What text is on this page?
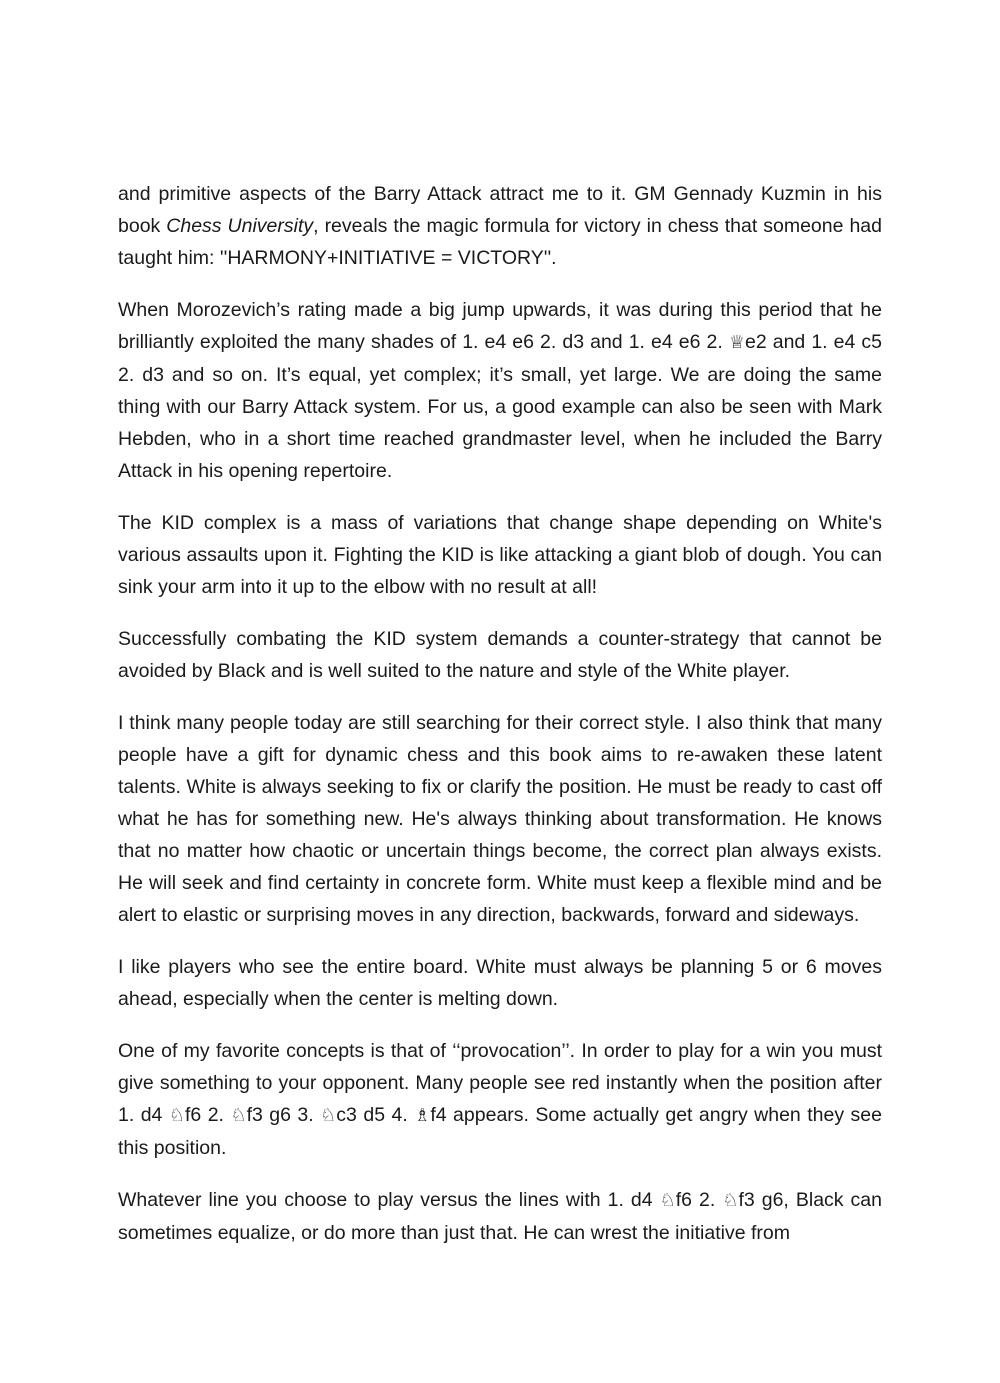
and primitive aspects of the Barry Attack attract me to it. GM Gennady Kuzmin in his book Chess University, reveals the magic formula for victory in chess that someone had taught him: ''HARMONY+INITIATIVE = VICTORY''.

When Morozevich’s rating made a big jump upwards, it was during this period that he brilliantly exploited the many shades of 1. e4 e6 2. d3 and 1. e4 e6 2. ♕e2 and 1. e4 c5 2. d3 and so on. It’s equal, yet complex; it’s small, yet large. We are doing the same thing with our Barry Attack system. For us, a good example can also be seen with Mark Hebden, who in a short time reached grandmaster level, when he included the Barry Attack in his opening repertoire.

The KID complex is a mass of variations that change shape depending on White's various assaults upon it. Fighting the KID is like attacking a giant blob of dough. You can sink your arm into it up to the elbow with no result at all!

Successfully combating the KID system demands a counter-strategy that cannot be avoided by Black and is well suited to the nature and style of the White player.

I think many people today are still searching for their correct style. I also think that many people have a gift for dynamic chess and this book aims to re-awaken these latent talents. White is always seeking to fix or clarify the position. He must be ready to cast off what he has for something new. He's always thinking about transformation. He knows that no matter how chaotic or uncertain things become, the correct plan always exists. He will seek and find certainty in concrete form. White must keep a flexible mind and be alert to elastic or surprising moves in any direction, backwards, forward and sideways.

I like players who see the entire board. White must always be planning 5 or 6 moves ahead, especially when the center is melting down.

One of my favorite concepts is that of ‘‘provocation’’. In order to play for a win you must give something to your opponent. Many people see red instantly when the position after 1. d4 ♘f6 2. ♘f3 g6 3. ♘c3 d5 4. ♗f4 appears. Some actually get angry when they see this position.

Whatever line you choose to play versus the lines with 1. d4 ♘f6 2. ♘f3 g6, Black can sometimes equalize, or do more than just that. He can wrest the initiative from
